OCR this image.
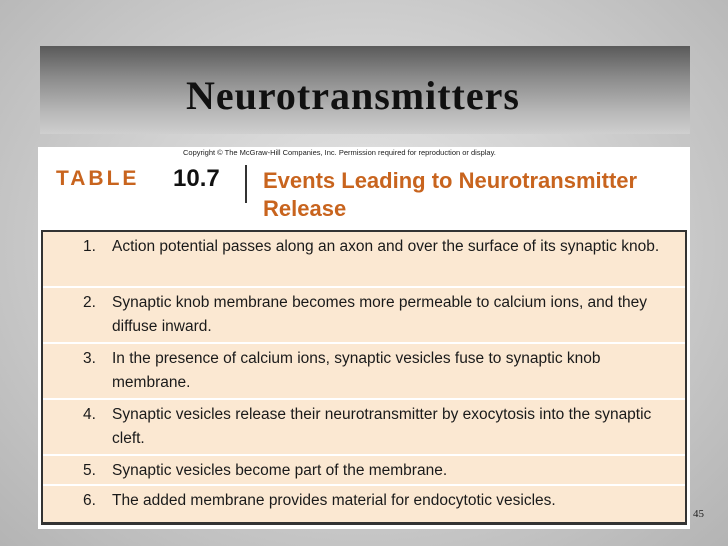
Neurotransmitters
TABLE 10.7 Events Leading to Neurotransmitter Release
1. Action potential passes along an axon and over the surface of its synaptic knob.
2. Synaptic knob membrane becomes more permeable to calcium ions, and they diffuse inward.
3. In the presence of calcium ions, synaptic vesicles fuse to synaptic knob membrane.
4. Synaptic vesicles release their neurotransmitter by exocytosis into the synaptic cleft.
5. Synaptic vesicles become part of the membrane.
6. The added membrane provides material for endocytotic vesicles.
Copyright © The McGraw-Hill Companies, Inc. Permission required for reproduction or display.
45
